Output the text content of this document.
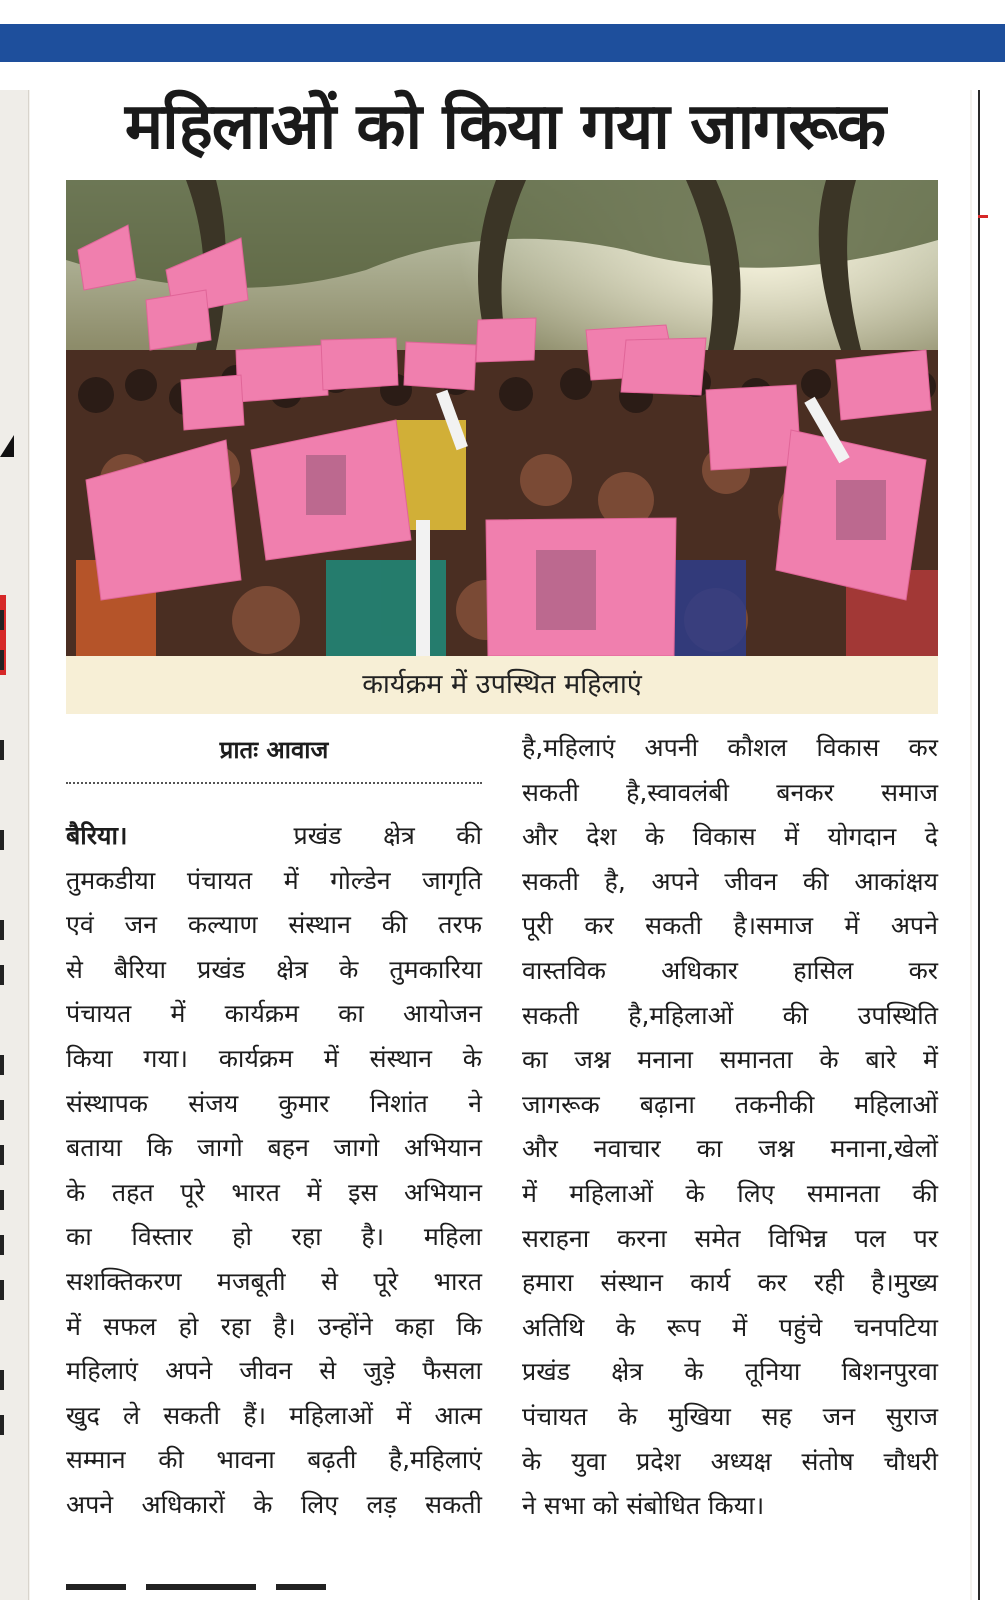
महिलाओं को किया गया जागरूक
कार्यक्रम में उपस्थित महिलाएं
प्रातः आवाज

बैरिया।	प्रखंड क्षेत्र की

तुमकडीया पंचायत में गोल्डेन जागृति

एवं जन कल्याण संस्थान की तरफ

से बैरिया प्रखंड क्षेत्र के तुमकारिया

पंचायत में कार्यक्रम का आयोजन

किया गया। कार्यक्रम में संस्थान के

संस्थापक संजय कुमार निशांत ने

बताया कि जागो बहन जागो अभियान

के तहत पूरे भारत में इस अभियान

का विस्तार हो रहा है। महिला

सशक्तिकरण मजबूती से पूरे भारत

में सफल हो रहा है। उन्होंने कहा कि

महिलाएं अपने जीवन से जुड़े फैसला

खुद ले सकती हैं। महिलाओं में आत्म

सम्मान की भावना बढ़ती है,महिलाएं

अपने अधिकारों के लिए लड़ सकती

है,महिलाएं अपनी कौशल विकास कर

सकती है,स्वावलंबी बनकर समाज

और देश के विकास में योगदान दे

सकती है, अपने जीवन की आकांक्षय

पूरी कर सकती है।समाज में अपने

वास्तविक अधिकार हासिल कर

सकती है,महिलाओं की उपस्थिति

का जश्न मनाना समानता के बारे में

जागरूक बढ़ाना तकनीकी महिलाओं

और नवाचार का जश्न मनाना,खेलों

में महिलाओं के लिए समानता की

सराहना करना समेत विभिन्न पल पर

हमारा संस्थान कार्य कर रही है।मुख्य

अतिथि के रूप में पहुंचे चनपटिया

प्रखंड क्षेत्र के तूनिया बिशनपुरवा

पंचायत के मुखिया सह जन सुराज

के युवा प्रदेश अध्यक्ष संतोष चौधरी

ने सभा को संबोधित किया।
